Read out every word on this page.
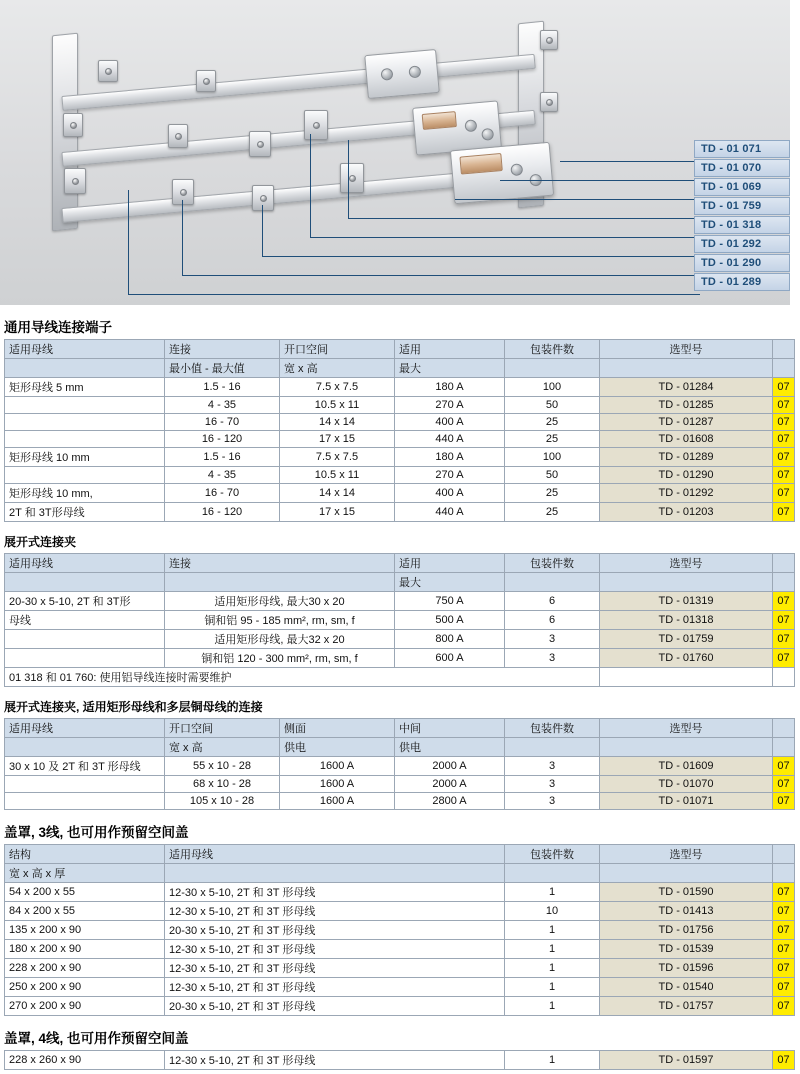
TD - 01 071
TD - 01 070
TD - 01 069
TD - 01 759
TD - 01 318
TD - 01 292
TD - 01 290
TD - 01 289
通用导线连接端子
适用母线	连接	开口空间	适用	包装件数	选型号	
	最小值 - 最大值	宽 x 高	最大			
矩形母线 5 mm	1.5 - 16	7.5 x 7.5	180 A	100	TD - 01284	07
	4 - 35	10.5 x 11	270 A	50	TD - 01285	07
	16 - 70	14 x 14	400 A	25	TD - 01287	07
	16 - 120	17 x 15	440 A	25	TD - 01608	07
矩形母线 10 mm	1.5 - 16	7.5 x 7.5	180 A	100	TD - 01289	07
	4 - 35	10.5 x 11	270 A	50	TD - 01290	07
矩形母线 10 mm,	16 - 70	14 x 14	400 A	25	TD - 01292	07
2T 和 3T形母线	16 - 120	17 x 15	440 A	25	TD - 01203	07
展开式连接夹
适用母线	连接	适用	包装件数	选型号	
		最大			
20-30 x 5-10, 2T 和 3T形	适用矩形母线, 最大30 x 20	750 A	6	TD - 01319	07
母线	铜和铝 95 - 185 mm², rm, sm, f	500 A	6	TD - 01318	07
	适用矩形母线, 最大32 x 20	800 A	3	TD - 01759	07
	铜和铝 120 - 300 mm², rm, sm, f	600 A	3	TD - 01760	07
01 318 和 01 760: 使用铝导线连接时需要维护					
展开式连接夹, 适用矩形母线和多层铜母线的连接
适用母线	开口空间	侧面	中间	包装件数	选型号	
	宽 x 高	供电	供电			
30 x 10 及 2T 和 3T 形母线	55 x 10 - 28	1600 A	2000 A	3	TD - 01609	07
	68 x 10 - 28	1600 A	2000 A	3	TD - 01070	07
	105 x 10 - 28	1600 A	2800 A	3	TD - 01071	07
盖罩, 3线, 也可用作预留空间盖
结构	适用母线	包装件数	选型号	
宽 x 高 x 厚				
54 x 200 x 55	12-30 x 5-10, 2T 和 3T 形母线	1	TD - 01590	07
84 x 200 x 55	12-30 x 5-10, 2T 和 3T 形母线	10	TD - 01413	07
135 x 200 x 90	20-30 x 5-10, 2T 和 3T 形母线	1	TD - 01756	07
180 x 200 x 90	12-30 x 5-10, 2T 和 3T 形母线	1	TD - 01539	07
228 x 200 x 90	12-30 x 5-10, 2T 和 3T 形母线	1	TD - 01596	07
250 x 200 x 90	12-30 x 5-10, 2T 和 3T 形母线	1	TD - 01540	07
270 x 200 x 90	20-30 x 5-10, 2T 和 3T 形母线	1	TD - 01757	07
盖罩, 4线, 也可用作预留空间盖
228 x 260 x 90	12-30 x 5-10, 2T 和 3T 形母线	1	TD - 01597	07
